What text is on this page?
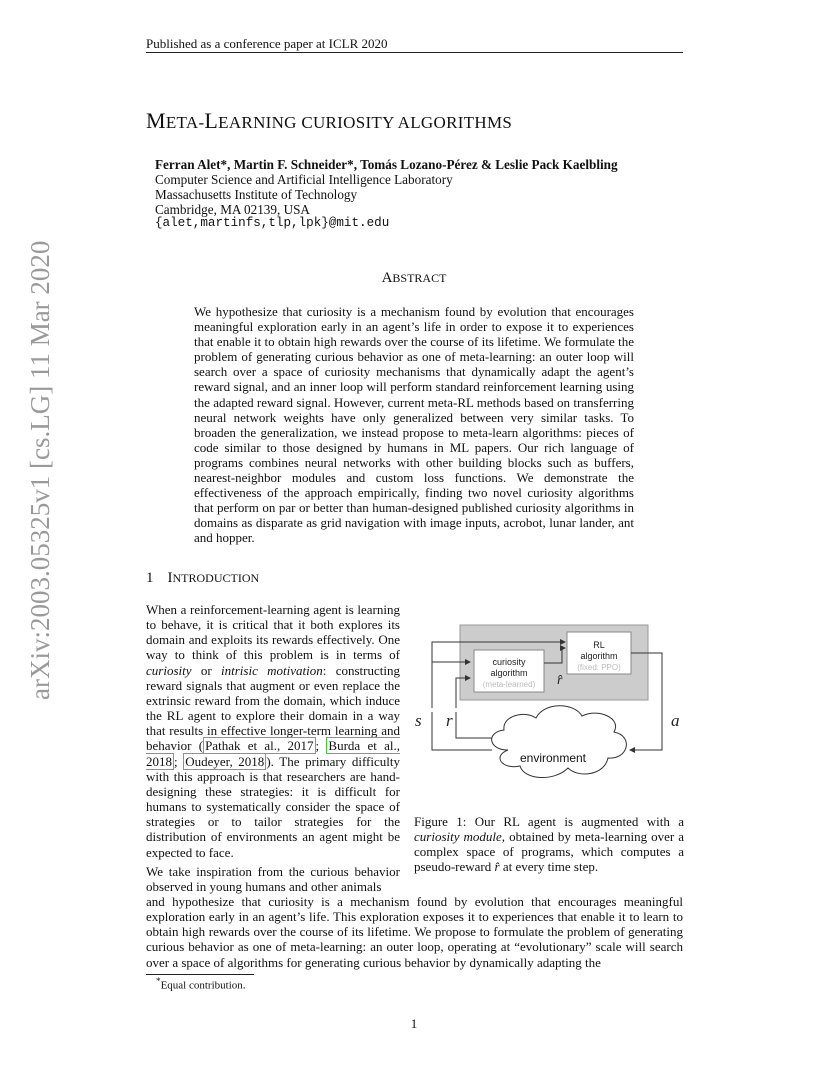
Published as a conference paper at ICLR 2020
arXiv:2003.05325v1 [cs.LG] 11 Mar 2020
META-LEARNING CURIOSITY ALGORITHMS
Ferran Alet*, Martin F. Schneider*, Tomás Lozano-Pérez & Leslie Pack Kaelbling
Computer Science and Artificial Intelligence Laboratory
Massachusetts Institute of Technology
Cambridge, MA 02139, USA
{alet,martinfs,tlp,lpk}@mit.edu
ABSTRACT
We hypothesize that curiosity is a mechanism found by evolution that encourages meaningful exploration early in an agent’s life in order to expose it to experiences that enable it to obtain high rewards over the course of its lifetime. We formulate the problem of generating curious behavior as one of meta-learning: an outer loop will search over a space of curiosity mechanisms that dynamically adapt the agent’s reward signal, and an inner loop will perform standard reinforcement learning using the adapted reward signal. However, current meta-RL methods based on transferring neural network weights have only generalized between very similar tasks. To broaden the generalization, we instead propose to meta-learn algorithms: pieces of code similar to those designed by humans in ML papers. Our rich language of programs combines neural networks with other building blocks such as buffers, nearest-neighbor modules and custom loss functions. We demonstrate the effectiveness of the approach empirically, finding two novel curiosity algorithms that perform on par or better than human-designed published curiosity algorithms in domains as disparate as grid navigation with image inputs, acrobot, lunar lander, ant and hopper.
1 INTRODUCTION
When a reinforcement-learning agent is learning to behave, it is critical that it both explores its domain and exploits its rewards effectively. One way to think of this problem is in terms of curiosity or intrisic motivation: constructing reward signals that augment or even replace the extrinsic reward from the domain, which induce the RL agent to explore their domain in a way that results in effective longer-term learning and behavior ( Pathak et al., 2017 ; Burda et al., 2018 ; Oudeyer, 2018 ). The primary difficulty with this approach is that researchers are hand-designing these strategies: it is difficult for humans to systematically consider the space of strategies or to tailor strategies for the distribution of environments an agent might be expected to face.
We take inspiration from the curious behavior observed in young humans and other animals
and hypothesize that curiosity is a mechanism found by evolution that encourages meaningful exploration early in an agent’s life. This exploration exposes it to experiences that enable it to learn to obtain high rewards over the course of its lifetime. We propose to formulate the problem of generating curious behavior as one of meta-learning: an outer loop, operating at “evolutionary” scale will search over a space of algorithms for generating curious behavior by dynamically adapting the
RL
algorithm
(fixed: PPO)
curiosity
algorithm
(meta-learned) r̂
s r	a
environment
Figure 1: Our RL agent is augmented with a curiosity module, obtained by meta-learning over a complex space of programs, which computes a pseudo-reward r̂ at every time step.
*Equal contribution.
1
